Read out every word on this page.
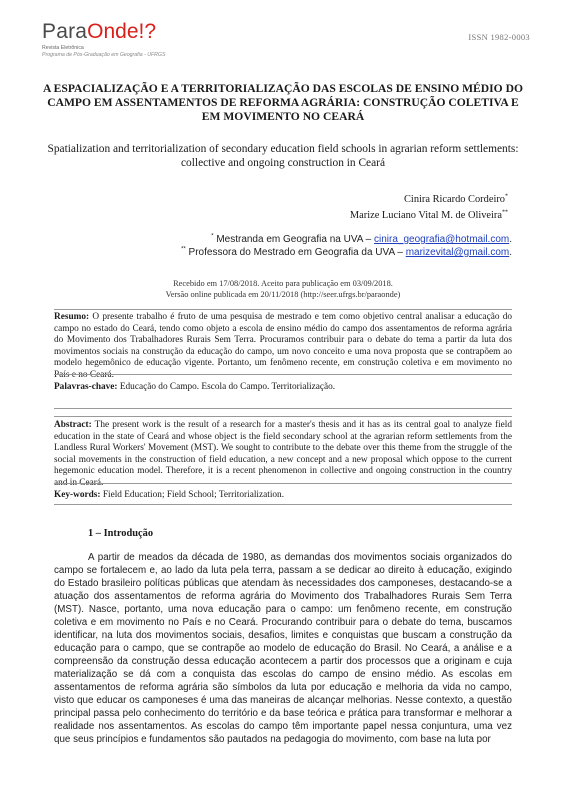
ParaOnde!?
Revista Eletrônica
Programa de Pós-Graduação em Geografia - UFRGS
ISSN 1982-0003
A ESPACIALIZAÇÃO E A TERRITORIALIZAÇÃO DAS ESCOLAS DE ENSINO MÉDIO DO CAMPO EM ASSENTAMENTOS DE REFORMA AGRÁRIA: CONSTRUÇÃO COLETIVA E EM MOVIMENTO NO CEARÁ
Spatialization and territorialization of secondary education field schools in agrarian reform settlements: collective and ongoing construction in Ceará
Cinira Ricardo Cordeiro*
Marize Luciano Vital M. de Oliveira**
* Mestranda em Geografia na UVA – cinira_geografia@hotmail.com.
** Professora do Mestrado em Geografia da UVA – marizevital@gmail.com.
Recebido em 17/08/2018. Aceito para publicação em 03/09/2018.
Versão online publicada em 20/11/2018 (http://seer.ufrgs.br/paraonde)
Resumo: O presente trabalho é fruto de uma pesquisa de mestrado e tem como objetivo central analisar a educação do campo no estado do Ceará, tendo como objeto a escola de ensino médio do campo dos assentamentos de reforma agrária do Movimento dos Trabalhadores Rurais Sem Terra. Procuramos contribuir para o debate do tema a partir da luta dos movimentos sociais na construção da educação do campo, um novo conceito e uma nova proposta que se contrapõem ao modelo hegemônico de educação vigente. Portanto, um fenômeno recente, em construção coletiva e em movimento no País e no Ceará.
Palavras-chave: Educação do Campo. Escola do Campo. Territorialização.
Abstract: The present work is the result of a research for a master's thesis and it has as its central goal to analyze field education in the state of Ceará and whose object is the field secondary school at the agrarian reform settlements from the Landless Rural Workers' Movement (MST). We sought to contribute to the debate over this theme from the struggle of the social movements in the construction of field education, a new concept and a new proposal which oppose to the current hegemonic education model. Therefore, it is a recent phenomenon in collective and ongoing construction in the country and in Ceará.
Key-words: Field Education; Field School; Territorialization.
1 – Introdução
A partir de meados da década de 1980, as demandas dos movimentos sociais organizados do campo se fortalecem e, ao lado da luta pela terra, passam a se dedicar ao direito à educação, exigindo do Estado brasileiro políticas públicas que atendam às necessidades dos camponeses, destacando-se a atuação dos assentamentos de reforma agrária do Movimento dos Trabalhadores Rurais Sem Terra (MST). Nasce, portanto, uma nova educação para o campo: um fenômeno recente, em construção coletiva e em movimento no País e no Ceará. Procurando contribuir para o debate do tema, buscamos identificar, na luta dos movimentos sociais, desafios, limites e conquistas que buscam a construção da educação para o campo, que se contrapõe ao modelo de educação do Brasil. No Ceará, a análise e a compreensão da construção dessa educação acontecem a partir dos processos que a originam e cuja materialização se dá com a conquista das escolas do campo de ensino médio. As escolas em assentamentos de reforma agrária são símbolos da luta por educação e melhoria da vida no campo, visto que educar os camponeses é uma das maneiras de alcançar melhorias. Nesse contexto, a questão principal passa pelo conhecimento do território e da base teórica e prática para transformar e melhorar a realidade nos assentamentos. As escolas do campo têm importante papel nessa conjuntura, uma vez que seus princípios e fundamentos são pautados na pedagogia do movimento, com base na luta por
